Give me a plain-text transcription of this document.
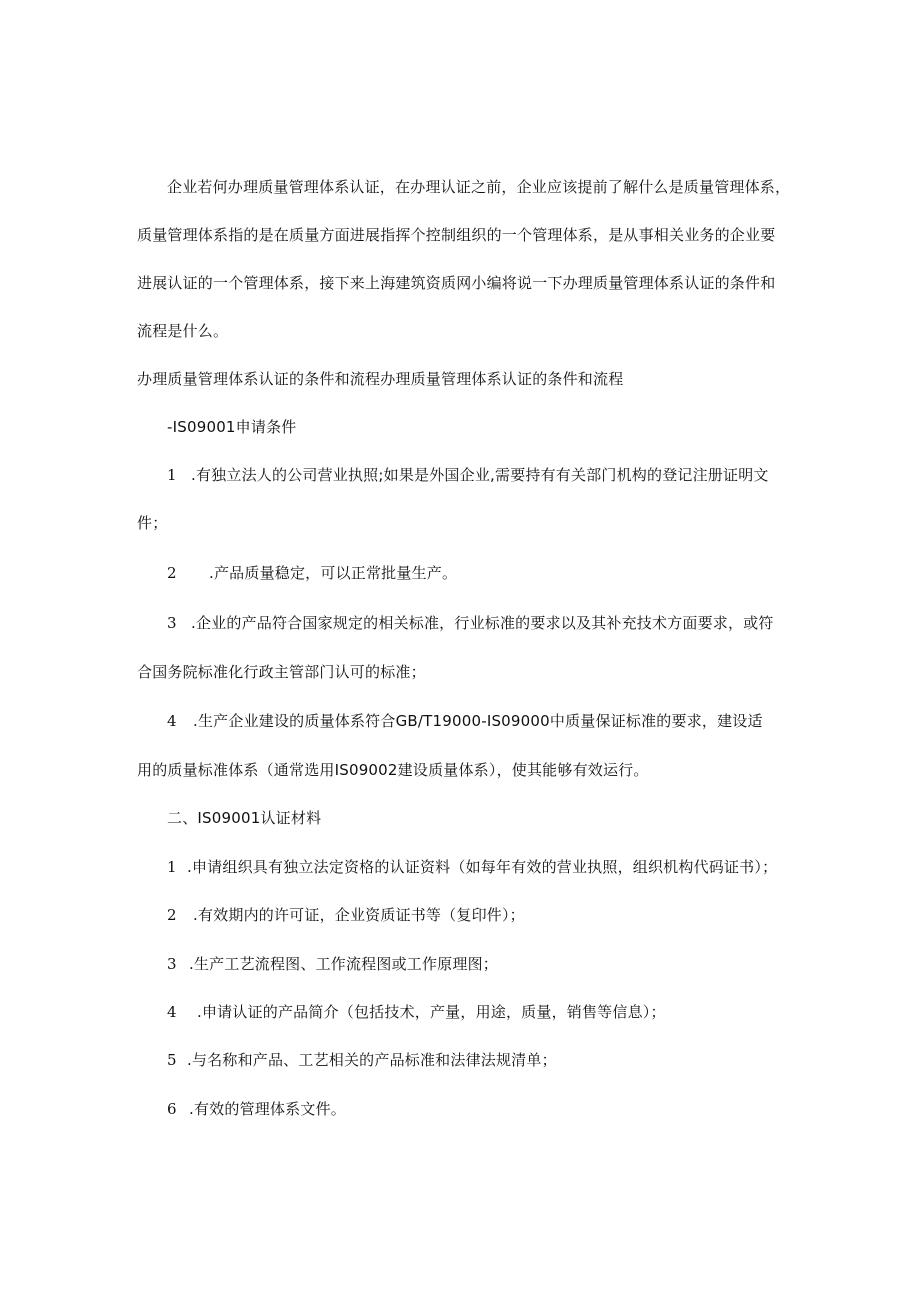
企业若何办理质量管理体系认证，在办理认证之前，企业应该提前了解什么是质量管理体系，
质量管理体系指的是在质量方面进展指挥个控制组织的一个管理体系，是从事相关业务的企业要
进展认证的一个管理体系，接下来上海建筑资质网小编将说一下办理质量管理体系认证的条件和
流程是什么。
办理质量管理体系认证的条件和流程办理质量管理体系认证的条件和流程
-IS09001申请条件
1 .有独立法人的公司营业执照;如果是外国企业,需要持有有关部门机构的登记注册证明文
件；
2 .产品质量稳定，可以正常批量生产。
3 .企业的产品符合国家规定的相关标准，行业标准的要求以及其补充技术方面要求，或符
合国务院标准化行政主管部门认可的标准；
4 .生产企业建设的质量体系符合GB/T19000-IS09000中质量保证标准的要求，建设适
用的质量标准体系（通常选用IS09002建设质量体系），使其能够有效运行。
二、IS09001认证材料
1 .申请组织具有独立法定资格的认证资料（如每年有效的营业执照，组织机构代码证书）；
2 .有效期内的许可证，企业资质证书等（复印件）；
3 .生产工艺流程图、工作流程图或工作原理图；
4 .申请认证的产品简介（包括技术，产量，用途，质量，销售等信息）；
5 .与名称和产品、工艺相关的产品标准和法律法规清单；
6 .有效的管理体系文件。
